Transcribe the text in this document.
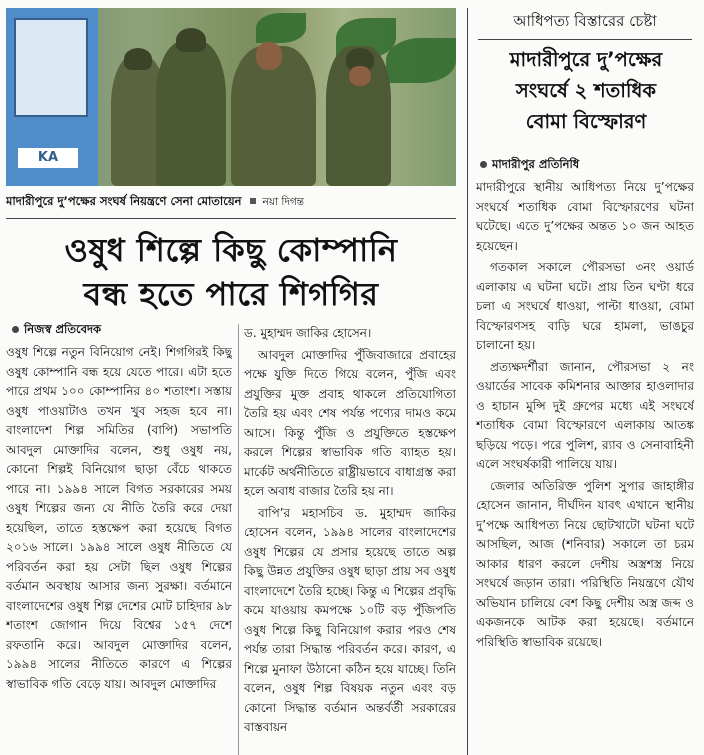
KA
মাদারীপুরে দু’পক্ষের সংঘর্ষ নিয়ন্ত্রণে সেনা মোতায়েন নয়া দিগন্ত
ওষুধ শিল্পে কিছু কোম্পানি
বন্ধ হতে পারে শিগগির
নিজস্ব প্রতিবেদক

ওষুধ শিল্পে নতুন বিনিয়োগ নেই। শিগগিরই কিছু ওষুধ কোম্পানি বন্ধ হয়ে যেতে পারে। এটা হতে পারে প্রথম ১০০ কোম্পানির ৪০ শতাংশ। সস্তায় ওষুধ পাওয়াটাও তখন খুব সহজ হবে না। বাংলাদেশ শিল্প সমিতির (বাপি) সভাপতি আবদুল মোক্তাদির বলেন, শুধু ওষুধ নয়, কোনো শিল্পই বিনিয়োগ ছাড়া বেঁচে থাকতে পারে না। ১৯৯৪ সালে বিগত সরকারের সময় ওষুধ শিল্পের জন্য যে নীতি তৈরি করে দেয়া হয়েছিল, তাতে হস্তক্ষেপ করা হয়েছে বিগত ২০১৬ সালে। ১৯৯৪ সালে ওষুধ নীতিতে যে পরিবর্তন করা হয় সেটা ছিল ওষুধ শিল্পের বর্তমান অবস্থায় আসার জন্য সুরক্ষা। বর্তমানে বাংলাদেশের ওষুধ শিল্প দেশের মোট চাহিদার ৯৮ শতাংশ জোগান দিয়ে বিশ্বের ১৫৭ দেশে রফতানি করে। আবদুল মোক্তাদির বলেন, ১৯৯৪ সালের নীতিতে কারণে এ শিল্পের স্বাভাবিক গতি বেড়ে যায়। আবদুল মোক্তাদির

ড. মুহাম্মদ জাকির হোসেন।

আবদুল মোক্তাদির পুঁজিবাজারে প্রবাহের পক্ষে যুক্তি দিতে গিয়ে বলেন, পুঁজি এবং প্রযুক্তির মুক্ত প্রবাহ থাকলে প্রতিযোগিতা তৈরি হয় এবং শেষ পর্যন্ত পণ্যের দামও কমে আসে। কিন্তু পুঁজি ও প্রযুক্তিতে হস্তক্ষেপ করলে শিল্পের স্বাভাবিক গতি ব্যাহত হয়। মার্কেট অর্থনীতিতে রাষ্ট্রীয়ভাবে বাধাগ্রস্ত করা হলে অবাধ বাজার তৈরি হয় না।

বাপি’র মহাসচিব ড. মুহাম্মদ জাকির হোসেন বলেন, ১৯৯৪ সালের বাংলাদেশের ওষুধ শিল্পের যে প্রসার হয়েছে তাতে অল্প কিছু উন্নত প্রযুক্তির ওষুধ ছাড়া প্রায় সব ওষুধ বাংলাদেশে তৈরি হচ্ছে। কিন্তু এ শিল্পের প্রবৃদ্ধি কমে যাওয়ায় কমপক্ষে ১০টি বড় পুঁজিপতি ওষুধ শিল্পে কিছু বিনিয়োগ করার পরও শেষ পর্যন্ত তারা সিদ্ধান্ত পরিবর্তন করে। কারণ, এ শিল্পে মুনাফা উঠানো কঠিন হয়ে যাচ্ছে। তিনি বলেন, ওষুধ শিল্প বিষয়ক নতুন এবং বড় কোনো সিদ্ধান্ত বর্তমান অন্তর্বর্তী সরকারের বাস্তবায়ন

আধিপত্য বিস্তারের চেষ্টা
মাদারীপুরে দু’পক্ষের
সংঘর্ষে ২ শতাধিক
বোমা বিস্ফোরণ
মাদারীপুর প্রতিনিধি

মাদারীপুরে স্থানীয় আধিপত্য নিয়ে দু’পক্ষের সংঘর্ষে শতাধিক বোমা বিস্ফোরণের ঘটনা ঘটেছে। এতে দু’পক্ষের অন্তত ১০ জন আহত হয়েছেন।

গতকাল সকালে পৌরসভা ৩নং ওয়ার্ড এলাকায় এ ঘটনা ঘটে। প্রায় তিন ঘণ্টা ধরে চলা এ সংঘর্ষে ধাওয়া, পাল্টা ধাওয়া, বোমা বিস্ফোরণসহ বাড়ি ঘরে হামলা, ভাঙচুর চালানো হয়।

প্রত্যক্ষদর্শীরা জানান, পৌরসভা ২ নং ওয়ার্ডের সাবেক কমিশনার আক্তার হাওলাদার ও হাচান মুন্সি দুই গ্রুপের মধ্যে এই সংঘর্ষে শতাধিক বোমা বিস্ফোরণে এলাকায় আতঙ্ক ছড়িয়ে পড়ে। পরে পুলিশ, র‌্যাব ও সেনাবাহিনী এলে সংঘর্ষকারী পালিয়ে যায়।

জেলার অতিরিক্ত পুলিশ সুপার জাহাঙ্গীর হোসেন জানান, দীর্ঘদিন যাবৎ এখানে স্থানীয় দু’পক্ষে আধিপত্য নিয়ে ছোটখাটো ঘটনা ঘটে আসছিল, আজ (শনিবার) সকালে তা চরম আকার ধারণ করলে দেশীয় অস্ত্রশস্ত্র নিয়ে সংঘর্ষে জড়ান তারা। পরিস্থিতি নিয়ন্ত্রণে যৌথ অভিযান চালিয়ে বেশ কিছু দেশীয় অস্ত্র জব্দ ও একজনকে আটক করা হয়েছে। বর্তমানে পরিস্থিতি স্বাভাবিক রয়েছে।
